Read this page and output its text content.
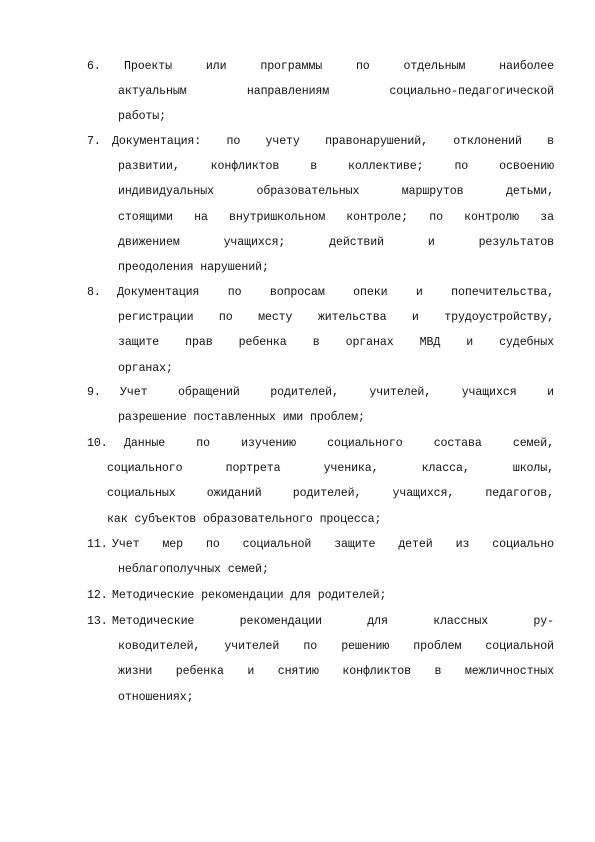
6. Проекты или программы по отдельным наиболее
актуальным направлениям социально-педагогической
работы;
7. Документация: по учету правонарушений, отклонений в
развитии, конфликтов в коллективе; по освоению
индивидуальных образовательных маршрутов детьми,
стоящими на внутришкольном контроле; по контролю за
движением учащихся; действий и результатов
преодоления нарушений;
8. Документация по вопросам опеки и попечительства,
регистрации по месту жительства и трудоустройству,
защите прав ребенка в органах МВД и судебных
органах;
9. Учет обращений родителей, учителей, учащихся и
разрешение поставленных ими проблем;
10. Данные по изучению социального состава семей,
социального портрета ученика, класса, школы,
социальных ожиданий родителей, учащихся, педагогов,
как субъектов образовательного процесса;
11. Учет мер по социальной защите детей из социально
неблагополучных семей;
12. Методические рекомендации для родителей;
13. Методические рекомендации для классных ру-
ководителей, учителей по решению проблем социальной
жизни ребенка и снятию конфликтов в межличностных
отношениях;
